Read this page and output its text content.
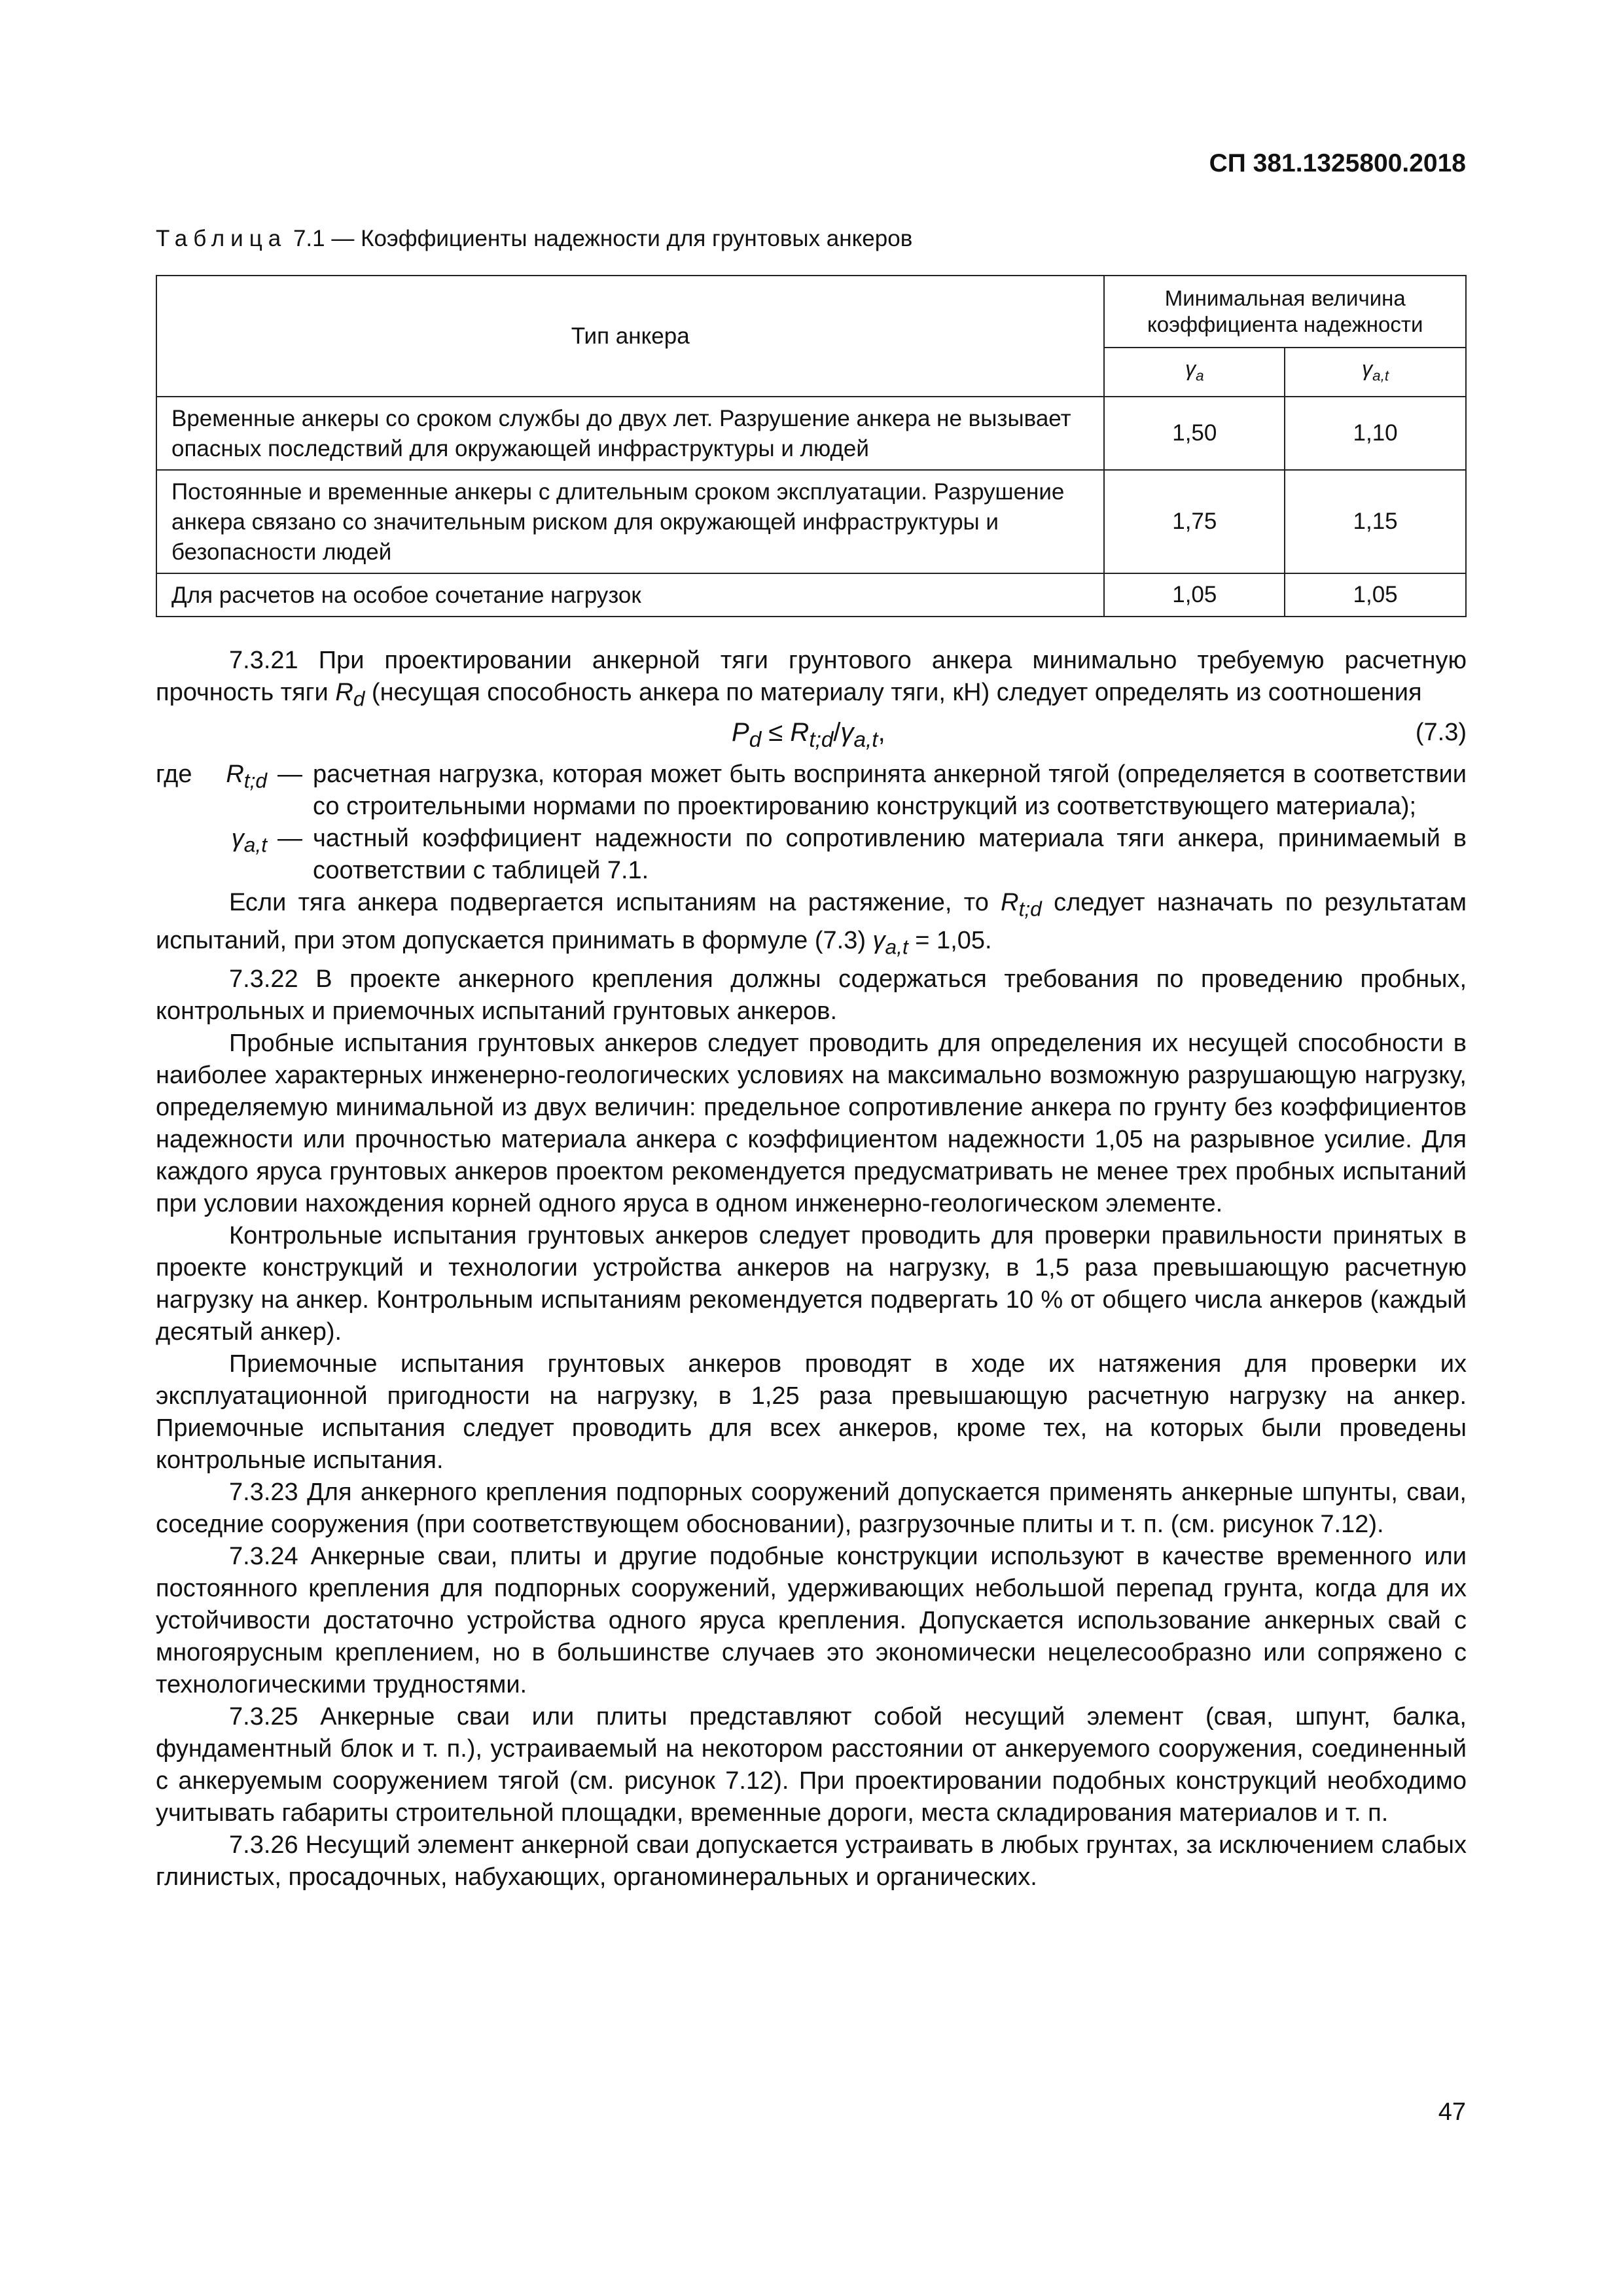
СП 381.1325800.2018
Таблица 7.1 — Коэффициенты надежности для грунтовых анкеров
Тип анкера	Минимальная величина коэффициента надежности	
	$\gamma_a$	$\gamma_{a,t}$
Временные анкеры со сроком службы до двух лет. Разрушение анкера не вызывает опасных последствий для окружающей инфраструктуры и людей	1,50	1,10
Постоянные и временные анкеры с длительным сроком эксплуатации. Разрушение анкера связано со значительным риском для окружающей инфраструктуры и безопасности людей	1,75	1,15
Для расчетов на особое сочетание нагрузок	1,05	1,05

7.3.21 При проектировании анкерной тяги грунтового анкера минимально требуемую расчетную прочность тяги $R_d$ (несущая способность анкера по материалу тяги, кН) следует определять из соотношения

$P_d \le R_{t;d}/\gamma_{a,t}$,	(7.3)
где $R_{t;d}$ — расчетная нагрузка, которая может быть воспринята анкерной тягой (определяется в соответствии со строительными нормами по проектированию конструкций из соответствующего материала);
$\gamma_{a,t}$ — частный коэффициент надежности по сопротивлению материала тяги анкера, принимаемый в соответствии с таблицей 7.1.

Если тяга анкера подвергается испытаниям на растяжение, то $R_{t;d}$ следует назначать по результатам испытаний, при этом допускается принимать в формуле (7.3) $\gamma_{a,t} = 1,05$.

7.3.22 В проекте анкерного крепления должны содержаться требования по проведению пробных, контрольных и приемочных испытаний грунтовых анкеров.

Пробные испытания грунтовых анкеров следует проводить для определения их несущей способности в наиболее характерных инженерно-геологических условиях на максимально возможную разрушающую нагрузку, определяемую минимальной из двух величин: предельное сопротивление анкера по грунту без коэффициентов надежности или прочностью материала анкера с коэффициентом надежности 1,05 на разрывное усилие. Для каждого яруса грунтовых анкеров проектом рекомендуется предусматривать не менее трех пробных испытаний при условии нахождения корней одного яруса в одном инженерно-геологическом элементе.

Контрольные испытания грунтовых анкеров следует проводить для проверки правильности принятых в проекте конструкций и технологии устройства анкеров на нагрузку, в 1,5 раза превышающую расчетную нагрузку на анкер. Контрольным испытаниям рекомендуется подвергать 10 % от общего числа анкеров (каждый десятый анкер).

Приемочные испытания грунтовых анкеров проводят в ходе их натяжения для проверки их эксплуатационной пригодности на нагрузку, в 1,25 раза превышающую расчетную нагрузку на анкер. Приемочные испытания следует проводить для всех анкеров, кроме тех, на которых были проведены контрольные испытания.

7.3.23 Для анкерного крепления подпорных сооружений допускается применять анкерные шпунты, сваи, соседние сооружения (при соответствующем обосновании), разгрузочные плиты и т. п. (см. рисунок 7.12).

7.3.24 Анкерные сваи, плиты и другие подобные конструкции используют в качестве временного или постоянного крепления для подпорных сооружений, удерживающих небольшой перепад грунта, когда для их устойчивости достаточно устройства одного яруса крепления. Допускается использование анкерных свай с многоярусным креплением, но в большинстве случаев это экономически нецелесообразно или сопряжено с технологическими трудностями.

7.3.25 Анкерные сваи или плиты представляют собой несущий элемент (свая, шпунт, балка, фундаментный блок и т. п.), устраиваемый на некотором расстоянии от анкеруемого сооружения, соединенный с анкеруемым сооружением тягой (см. рисунок 7.12). При проектировании подобных конструкций необходимо учитывать габариты строительной площадки, временные дороги, места складирования материалов и т. п.

7.3.26 Несущий элемент анкерной сваи допускается устраивать в любых грунтах, за исключением слабых глинистых, просадочных, набухающих, органоминеральных и органических.

47
